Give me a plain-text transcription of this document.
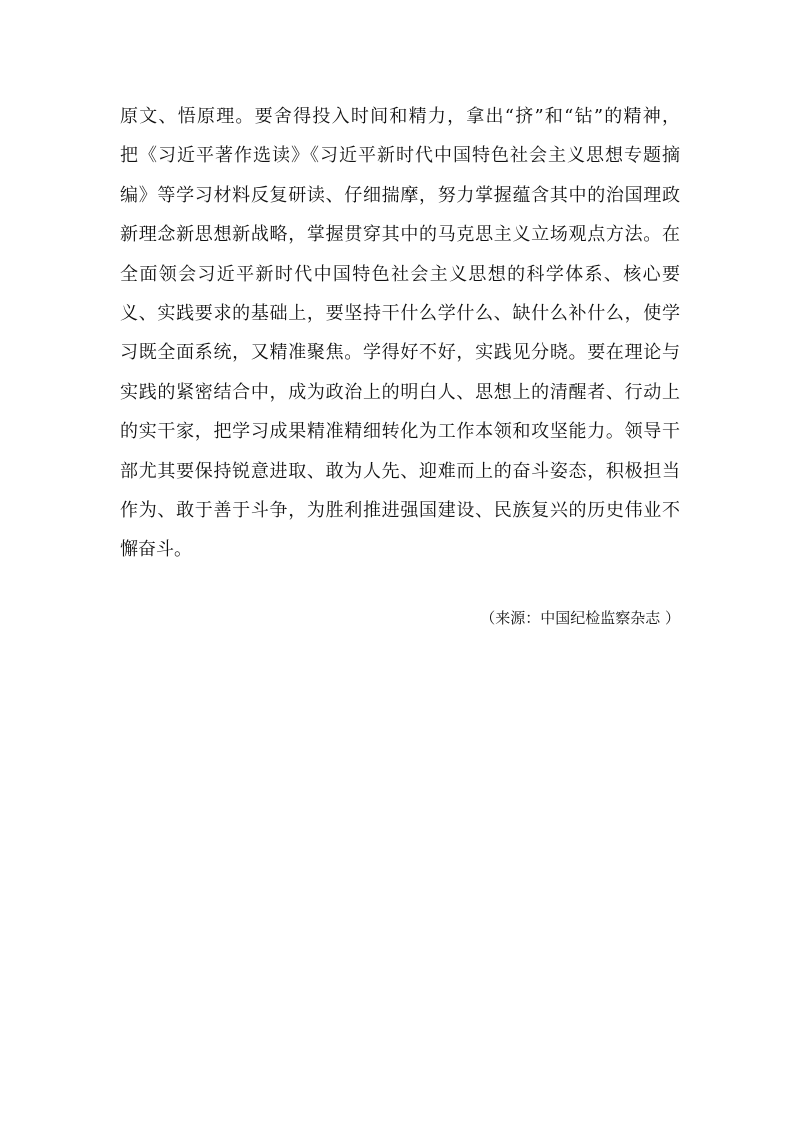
原文、悟原理。要舍得投入时间和精力，拿出“挤”和“钻”的精神，
把《习近平著作选读》《习近平新时代中国特色社会主义思想专题摘
编》等学习材料反复研读、仔细揣摩，努力掌握蕴含其中的治国理政
新理念新思想新战略，掌握贯穿其中的马克思主义立场观点方法。在
全面领会习近平新时代中国特色社会主义思想的科学体系、核心要
义、实践要求的基础上，要坚持干什么学什么、缺什么补什么，使学
习既全面系统，又精准聚焦。学得好不好，实践见分晓。要在理论与
实践的紧密结合中，成为政治上的明白人、思想上的清醒者、行动上
的实干家，把学习成果精准精细转化为工作本领和攻坚能力。领导干
部尤其要保持锐意进取、敢为人先、迎难而上的奋斗姿态，积极担当
作为、敢于善于斗争，为胜利推进强国建设、民族复兴的历史伟业不
懈奋斗。
（来源：中国纪检监察杂志 ）
